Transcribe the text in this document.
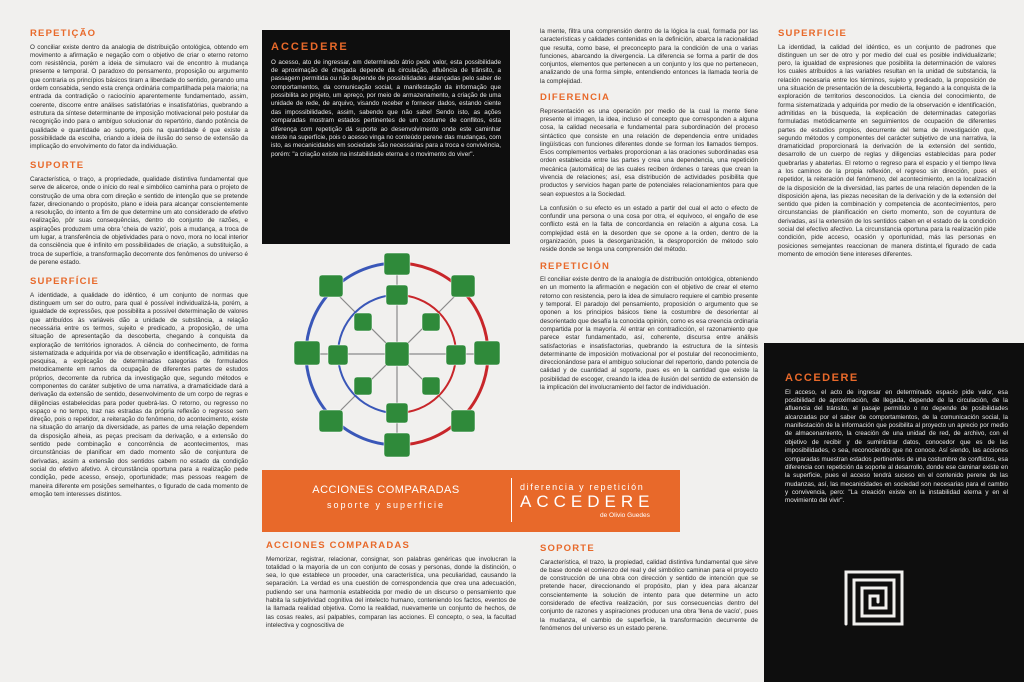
REPETIÇÃO

O conciliar existe dentro da analogia de distribuição ontológica, obtendo em movimento a afirmação e negação com o objetivo de criar o eterno retorno com resistência, porém a ideia de simulacro vai de encontro à mudança presente e temporal. O paradoxo do pensamento, proposição ou argumento que contraria os princípios básicos tiram a liberdade do sentido, gerando uma ordem consabida, sendo esta crença ordinária compartilhada pela maioria; na entrada da contradição o raciocínio aparentemente fundamentado, assim, coerente, discorre entre análises satisfatórias e insatisfatórias, quebrando a estrutura da síntese determinante de imposição motivacional pelo postular da recognição indo para o ambíguo solucionar do repertório, dando potência de qualidade e quantidade ao suporte, pois na quantidade é que existe a possibilidade da escolha, criando a ideia de ilusão do senso de extensão da implicação do envolvimento do fator da individuação.

SUPORTE

Característica, o traço, a propriedade, qualidade distintiva fundamental que serve de alicerce, onde o início do real e simbólico caminha para o projeto de construção de uma obra com direção e sentido de intenção que se pretende fazer, direcionando o propósito, plano e ideia para alcançar conscientemente a resolução, do intento a fim de que determine um ato considerado de efetivo realização, pôr suas consequências, dentro do conjunto de razões, e aspirações produzem uma obra 'cheia de vazio', pois a mudança, a troca de um lugar, a transferência de objetividades para o novo, mora no local interior da consciência que é infinito em possibilidades de criação, a substituição, a troca de superfície, a transformação decorrente dos fenômenos do universo é de perene estado.

SUPERFÍCIE

A identidade, a qualidade do idêntico, é um conjunto de normas que distinguem um ser do outro, para qual é possível individualizá-la, porém, a igualdade de expressões, que possibilita a possível determinação de valores que atribuídos às variáveis dão a unidade de substância, a relação necessária entre os termos, sujeito e predicado, a proposição, de uma situação de apresentação da descoberta, chegando à conquista da exploração de territórios ignorados. A ciência do conhecimento, de forma sistematizada e adquirida por via de observação e identificação, admitidas na pesquisa, a explicação de determinadas categorias de formulados metodicamente em ramos da ocupação de diferentes partes de estudos próprios, decorrente da rubrica da investigação que, segundo métodos e componentes do caráter subjetivo de uma narrativa, a dramaticidade dará a derivação da extensão de sentido, desenvolvimento de um corpo de regras e diligências estabelecidas para poder quebrá-las. O retorno, ou regresso no espaço e no tempo, traz nas estradas da própria reflexão o regresso sem direção, pois o repetidor, a reiteração do fenômeno, do acontecimento, existe na situação do arranjo da diversidade, as partes de uma relação dependem da disposição alheia, as peças precisam da derivação, e a extensão do sentido pede combinação e concorrência de acontecimentos, mas circunstâncias de planificar em dado momento são de conjuntura de derivadas, assim a extensão dos sentidos cabem no estado da condição social do efetivo afetivo. A circunstância oportuna para a realização pede condição, pede acesso, ensejo, oportunidade; mas pessoas reagem de maneira diferente em posições semelhantes, o figurado de cada momento de emoção tem interesses distintos.

ACCEDERE

O acesso, ato de ingressar, em determinado átrio pede valor, esta possibilidade de aproximação de chegada depende da circulação, afluência de trânsito, a passagem permitida ou não depende de possibilidades alcançadas pelo saber de comportamentos, da comunicação social, a manifestação da informação que possibilita ao projeto, um apreço, por meio de armazenamento, a criação de uma unidade de rede, de arquivo, visando receber e fornecer dados, estando ciente das impossibilidades, assim, sabendo que não sabe! Sendo isto, as ações comparadas mostram estados pertinentes de um costume de conflitos, esta diferença com repetição dá suporte ao desenvolvimento onde este caminhar existe na superfície, pois o acesso vinga no conteúdo perene das mudanças, com isto, as mecanicidades em sociedade são necessárias para a troca e convivência, porém: "a criação existe na instabilidade eterna e o movimento do viver".

ACCIONES COMPARADAS
soporte y superficie
diferencia y repetición
ACCEDERE
de Olivio Guedes
ACCIONES COMPARADAS

Memorizar, registrar, relacionar, consignar, son palabras genéricas que involucran la totalidad o la mayoría de un con conjunto de cosas y personas, donde la distinción, o sea, lo que establece un proceder, una característica, una peculiaridad, causando la separación. La verdad es una cuestión de correspondencia que crea una adecuación, pudiendo ser una harmonía establecida por medio de un discurso o pensamiento que habita la subjetividad cognitiva del intelecto humano, conteniendo los factos, eventos de la llamada realidad objetiva. Como la realidad, nuevamente un conjunto de hechos, de las cosas reales, así palpables, comparan las acciones. El concepto, o sea, la facultad intelectiva y cognoscitiva de

la mente, filtra una comprensión dentro de la lógica la cual, formada por las características y calidades contenidas en la definición, abarca la racionalidad que resulta, como base, el preconcepto para la condición de una o varias funciones, abarcando la divergencia. La diferencia se forma a partir de dos conjuntos, elementos que pertenecen a un conjunto y los que no pertenecen, analizando de una forma simple, entendiendo entonces la llamada teoría de la complejidad.

DIFERENCIA

Representación es una operación por medio de la cual la mente tiene presente el imagen, la idea, incluso el concepto que corresponden a alguna cosa, la calidad necesaria e fundamental para subordinación del proceso sintáctico que consiste en una relación de dependencia entre unidades lingüísticas con funciones diferentes donde se forman los llamados tiempos. Esos complementos verbales proporcionan a las oraciones subordinadas esa orden establecida entre las partes y crea una dependencia, una repetición mecánica (automática) de las cuales reciben órdenes o tareas que crean la vivencia de relaciones; así, esa distribución de actividades posibilita que productos y servicios hagan parte de potenciales relacionamientos para que sean expuestos a la Sociedad.

La confusión o su efecto es un estado a partir del cual el acto o efecto de confundir una persona o una cosa por otra, el equívoco, el engaño de ese conflicto está en la falta de concordancia en relación a alguna cosa. La complejidad está en la desorden que se opone a la orden, dentro de la organización, pues la desorganización, la desproporción de método solo reside donde se tenga una comprensión del método.

REPETICIÓN

El conciliar existe dentro de la analogía de distribución ontológica, obteniendo en un momento la afirmación e negación con el objetivo de crear el eterno retorno con resistencia, pero la idea de simulacro requiere el cambio presente y temporal. El paradojo del pensamiento, proposición o argumento que se oponen a los principios básicos tiene la costumbre de desorientar al desorientado que desafía la conocida opinión, como es esa creencia ordinaria compartida por la mayoría. Al entrar en contradicción, el razonamiento que parece estar fundamentado, así, coherente, discursa entre análisis satisfactorias e insatisfactorias, quebrando la estructura de la síntesis determinante de imposición motivacional por el postular del reconocimiento, direccionándose para el ambiguo solucionar del repertorio, dando potencia de calidad y de cuantidad al soporte, pues es en la cantidad que existe la posibilidad de escoger, creando la idea de ilusión del sentido de extensión de la implicación del involucramiento del factor de individuación.

SOPORTE

Característica, el trazo, la propiedad, calidad distintiva fundamental que sirve de base donde el comienzo del real y del simbólico caminan para el proyecto de construcción de una obra con dirección y sentido de intención que se pretende hacer, direccionando el propósito, plan y idea para alcanzar conscientemente la solución de intento para que determine un acto considerado de efectiva realización, por sus consecuencias dentro del conjunto de razones y aspiraciones producen una obra 'llena de vacío', pues la mudanza, el cambio de superficie, la transformación decurrente de fenómenos del universo es un estado perene.

SUPERFICIE

La identidad, la calidad del idéntico, es un conjunto de padrones que distinguen un ser de otro y por medio del cual es posible individualizarle; pero, la igualdad de expresiones que posibilita la determinación de valores los cuales atribuidos a las variables resultan en la unidad de substancia, la relación necesaria entre los términos, sujeto y predicado, la proposición de una situación de presentación de la descubierta, llegando a la conquista de la exploración de territorios desconocidos. La ciencia del conocimiento, de forma sistematizada y adquirida por medio de la observación e identificación, admitidas en la búsqueda, la explicación de determinadas categorías formuladas metódicamente en seguimientos de ocupación de diferentes partes de estudios propios, decurrente del tema de investigación que, segundo métodos y componentes del carácter subjetivo de una narrativa, la dramaticidad proporcionará la derivación de la extensión del sentido, desarrollo de un cuerpo de reglas y diligencias establecidas para poder quebrarlas y abaterlas. El retorno o regreso para el espacio y el tiempo lleva a los caminos de la propia reflexión, el regreso sin dirección, pues el repetidor, la reiteración del fenómeno, del acontecimiento, en la localización de la disposición de la diversidad, las partes de una relación dependen de la disposición ajena, las piezas necesitan de la derivación y de la extensión del sentido que piden la combinación y competencia de acontecimientos, pero circunstancias de planificación en cierto momento, son de coyuntura de derivadas, así la extensión de los sentidos caben en el estado de la condición social del efectivo afectivo. La circunstancia oportuna para la realización pide condición, pide acceso, ocasión y oportunidad, más las personas en posiciones semejantes reaccionan de manera distinta,el figurado de cada momento de emoción tiene intereses diferentes.

ACCEDERE

El acceso, el acto de ingresar en determinado espacio pide valor, esa posibilidad de aproximación, de llegada, depende de la circulación, de la afluencia del tránsito, el pasaje permitido o no depende de posibilidades alcanzadas por el saber de comportamientos, de la comunicación social, la manifestación de la información que posibilita al proyecto un aprecio por medio de almacenamiento, la creación de una unidad de red, de archivo, con el objetivo de recibir y de suministrar datos, conocedor que es de las imposibilidades, o sea, reconociendo que no conoce. Así siendo, las acciones comparadas muestran estados pertinentes de una costumbre de conflictos, esa diferencia con repetición da soporte al desarrollo, donde ese caminar existe en la superficie, pues el acceso tendrá suceso en el contenido perene de las mudanzas, así, las mecanicidades en sociedad son necesarias para el cambio y convivencia, pero: "La creación existe en la instabilidad eterna y en el movimiento del vivir".
